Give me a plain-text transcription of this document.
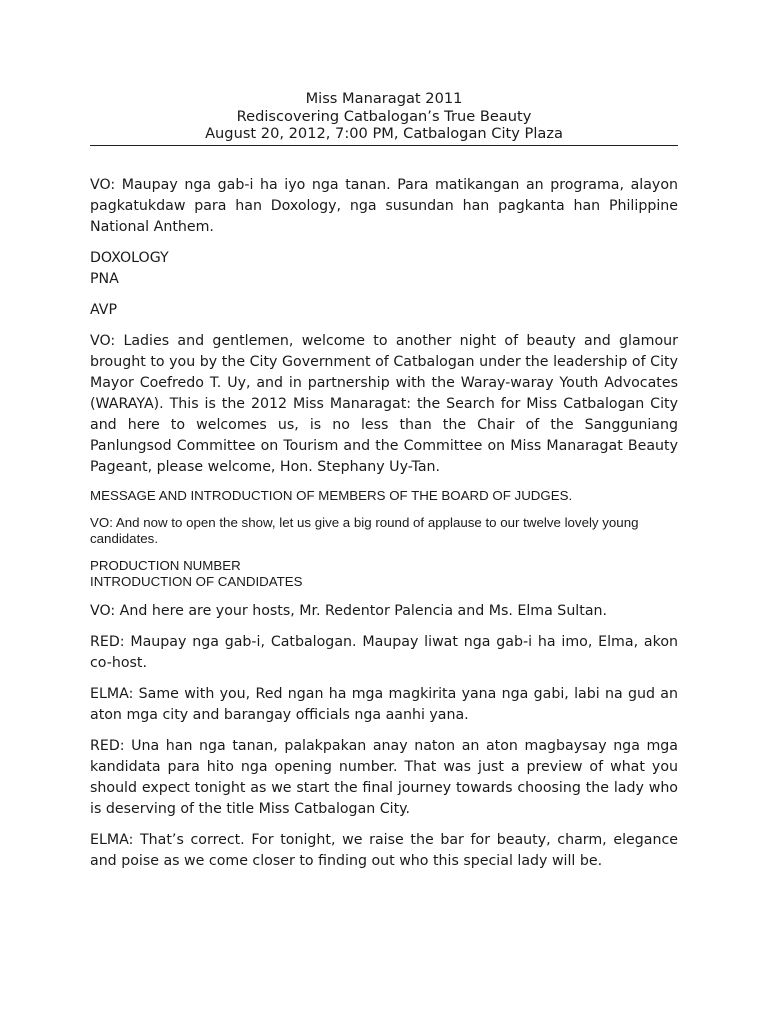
Miss Manaragat 2011
Rediscovering Catbalogan’s True Beauty
August 20, 2012, 7:00 PM, Catbalogan City Plaza
VO: Maupay nga gab-i ha iyo nga tanan. Para matikangan an programa, alayon pagkatukdaw para han Doxology, nga susundan han pagkanta han Philippine National Anthem.
DOXOLOGY
PNA
AVP
VO: Ladies and gentlemen, welcome to another night of beauty and glamour brought to you by the City Government of Catbalogan under the leadership of City Mayor Coefredo T. Uy, and in partnership with the Waray-waray Youth Advocates (WARAYA). This is the 2012 Miss Manaragat: the Search for Miss Catbalogan City and here to welcomes us, is no less than the Chair of the Sangguniang Panlungsod Committee on Tourism and the Committee on Miss Manaragat Beauty Pageant, please welcome, Hon. Stephany Uy-Tan.
MESSAGE AND INTRODUCTION OF MEMBERS OF THE BOARD OF JUDGES.
VO: And now to open the show, let us give a big round of applause to our twelve lovely young candidates.
PRODUCTION NUMBER
INTRODUCTION OF CANDIDATES
VO: And here are your hosts, Mr. Redentor Palencia and Ms. Elma Sultan.
RED: Maupay nga gab-i, Catbalogan. Maupay liwat nga gab-i ha imo, Elma, akon co-host.
ELMA: Same with you, Red ngan ha mga magkirita yana nga gabi, labi na gud an aton mga city and barangay officials nga aanhi yana.
RED: Una han nga tanan, palakpakan anay naton an aton magbaysay nga mga kandidata para hito nga opening number. That was just a preview of what you should expect tonight as we start the final journey towards choosing the lady who is deserving of the title Miss Catbalogan City.
ELMA: That’s correct. For tonight, we raise the bar for beauty, charm, elegance and poise as we come closer to finding out who this special lady will be.
